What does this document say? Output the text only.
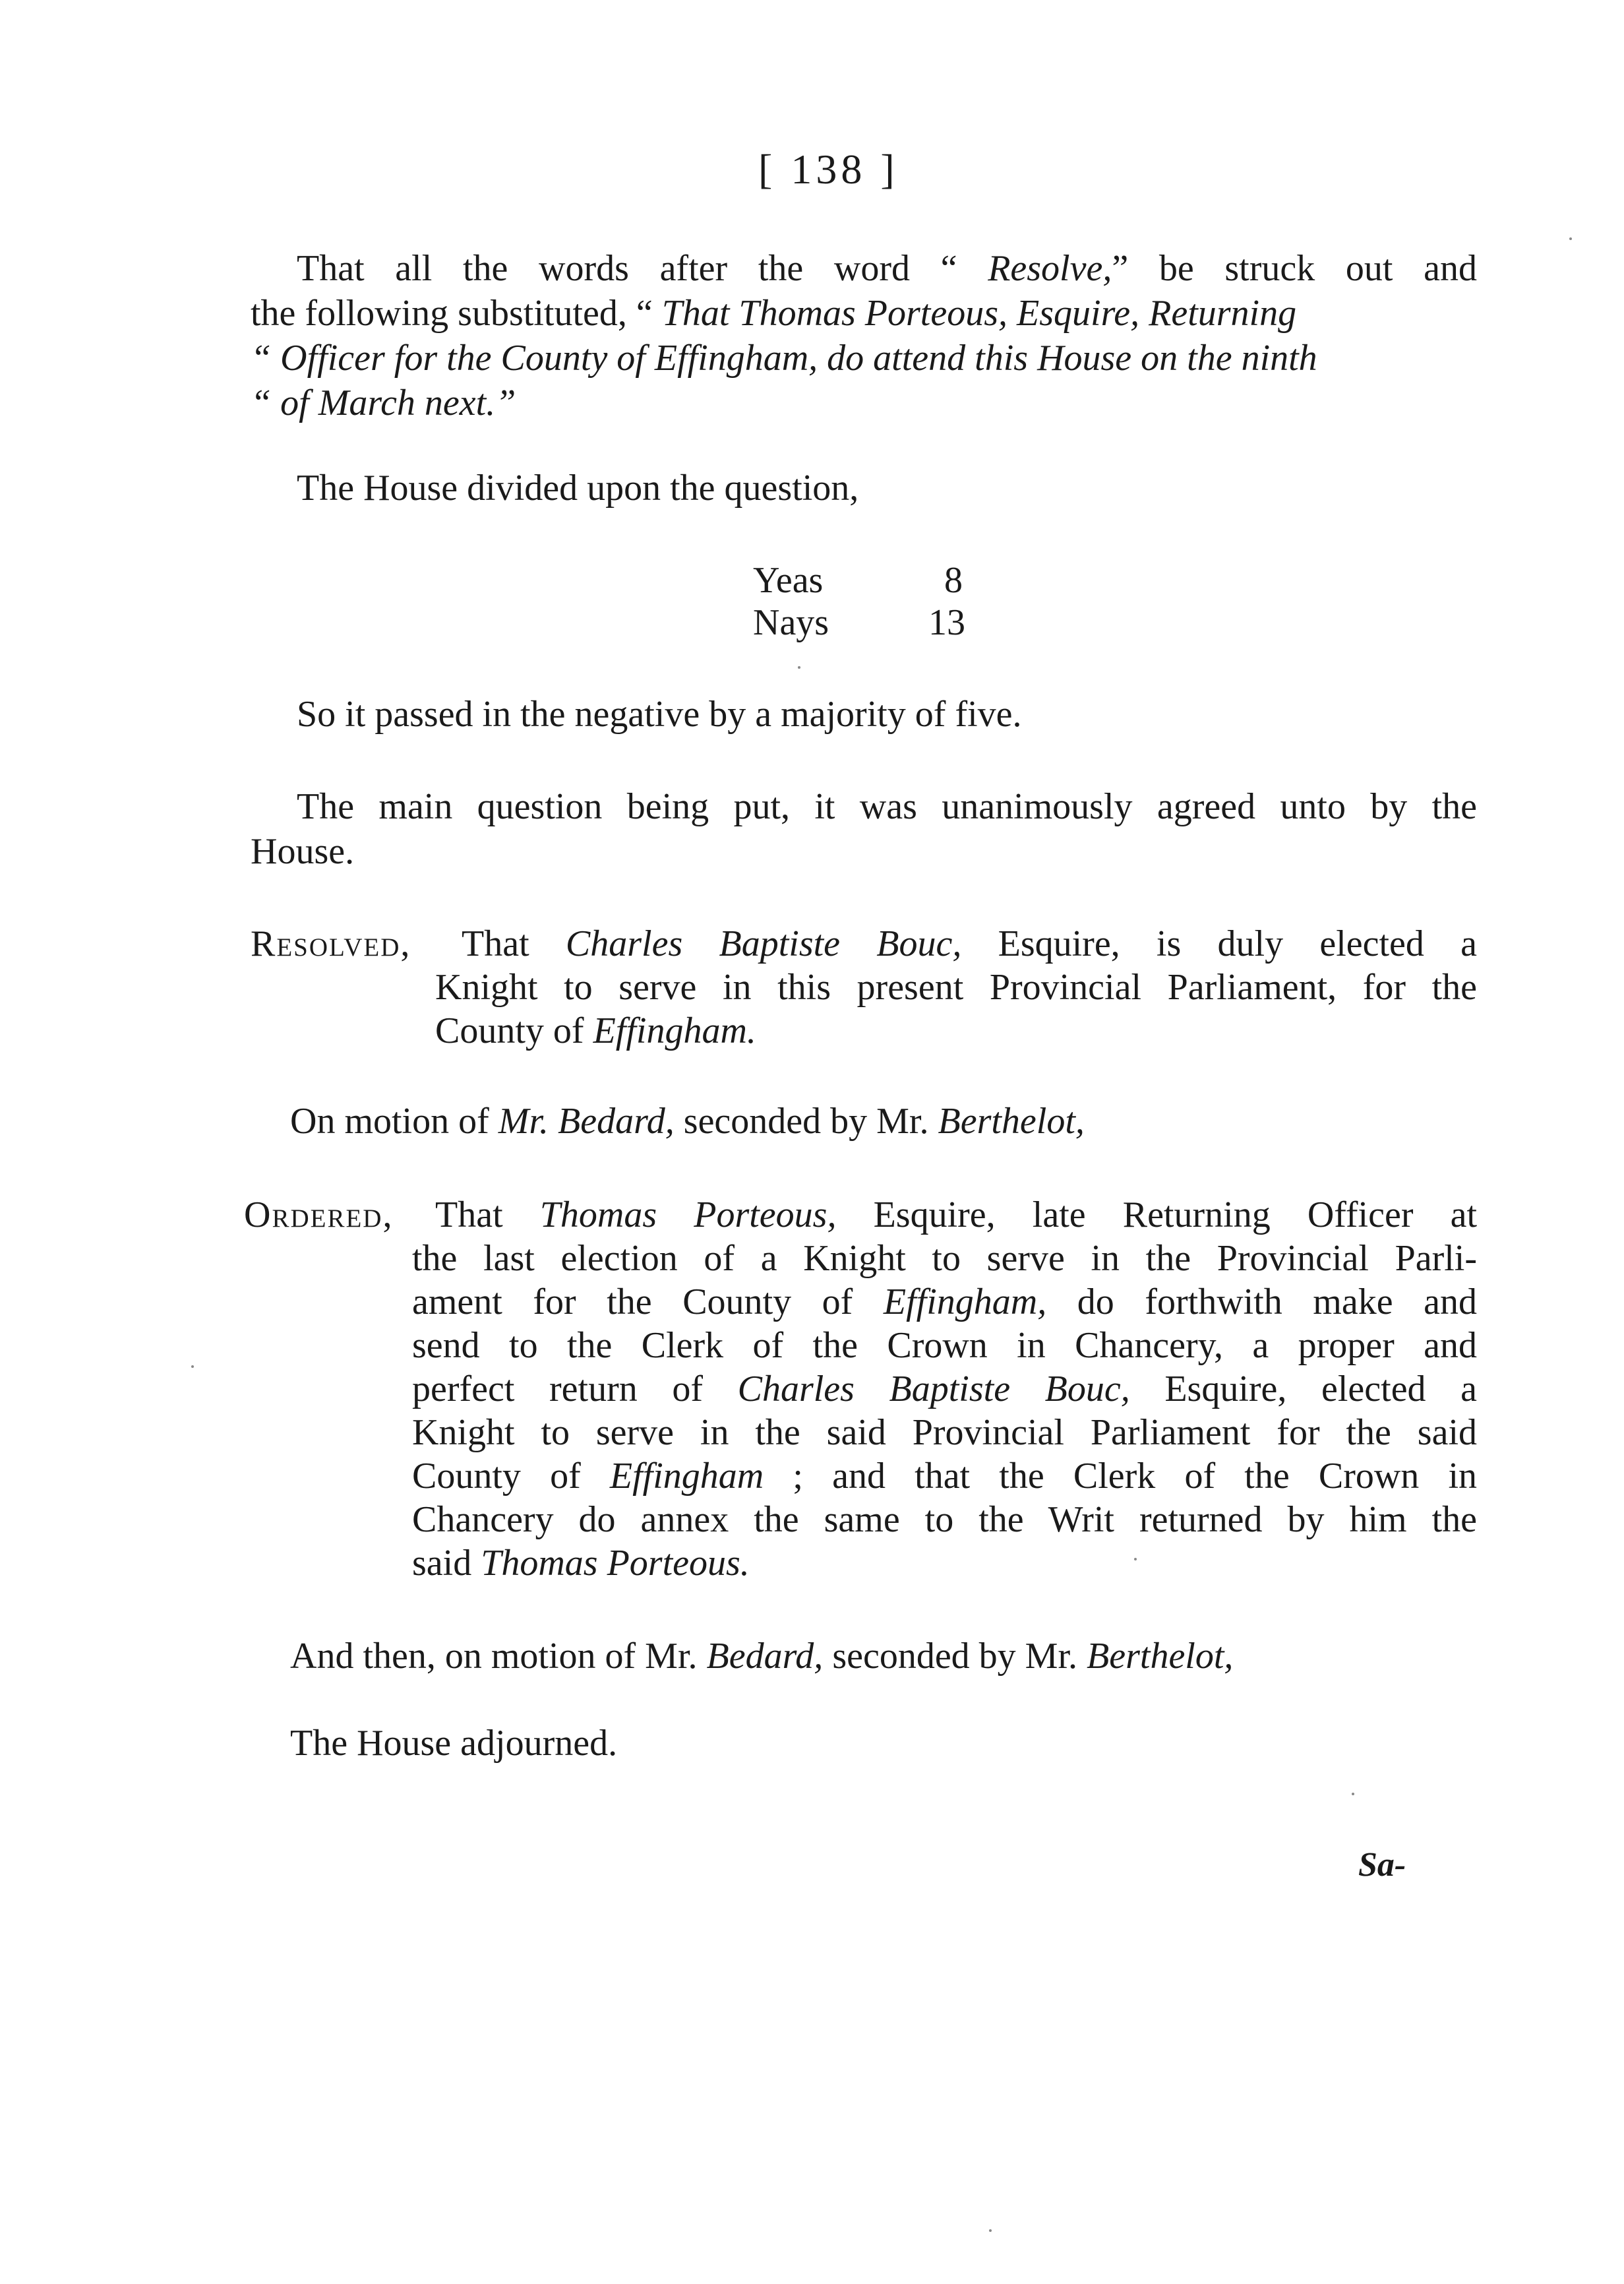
[ 138 ]
That all the words after the word “ Resolve,” be struck out and
the following substituted, “ That Thomas Porteous, Esquire, Returning
“ Officer for the County of Effingham, do attend this House on the ninth
“ of March next.”
The House divided upon the question,
Yeas	8
Nays	13
So it passed in the negative by a majority of five.
The main question being put, it was unanimously agreed unto by the
House.
Resolved, That Charles Baptiste Bouc, Esquire, is duly elected a
Knight to serve in this present Provincial Parliament, for the
County of Effingham.
On motion of Mr. Bedard, seconded by Mr. Berthelot,
Ordered, That Thomas Porteous, Esquire, late Returning Officer at
the last election of a Knight to serve in the Provincial Parli-
ament for the County of Effingham, do forthwith make and
send to the Clerk of the Crown in Chancery, a proper and
perfect return of Charles Baptiste Bouc, Esquire, elected a
Knight to serve in the said Provincial Parliament for the said
County of Effingham ; and that the Clerk of the Crown in
Chancery do annex the same to the Writ returned by him the
said Thomas Porteous.
And then, on motion of Mr. Bedard, seconded by Mr. Berthelot,
The House adjourned.
Sa-
